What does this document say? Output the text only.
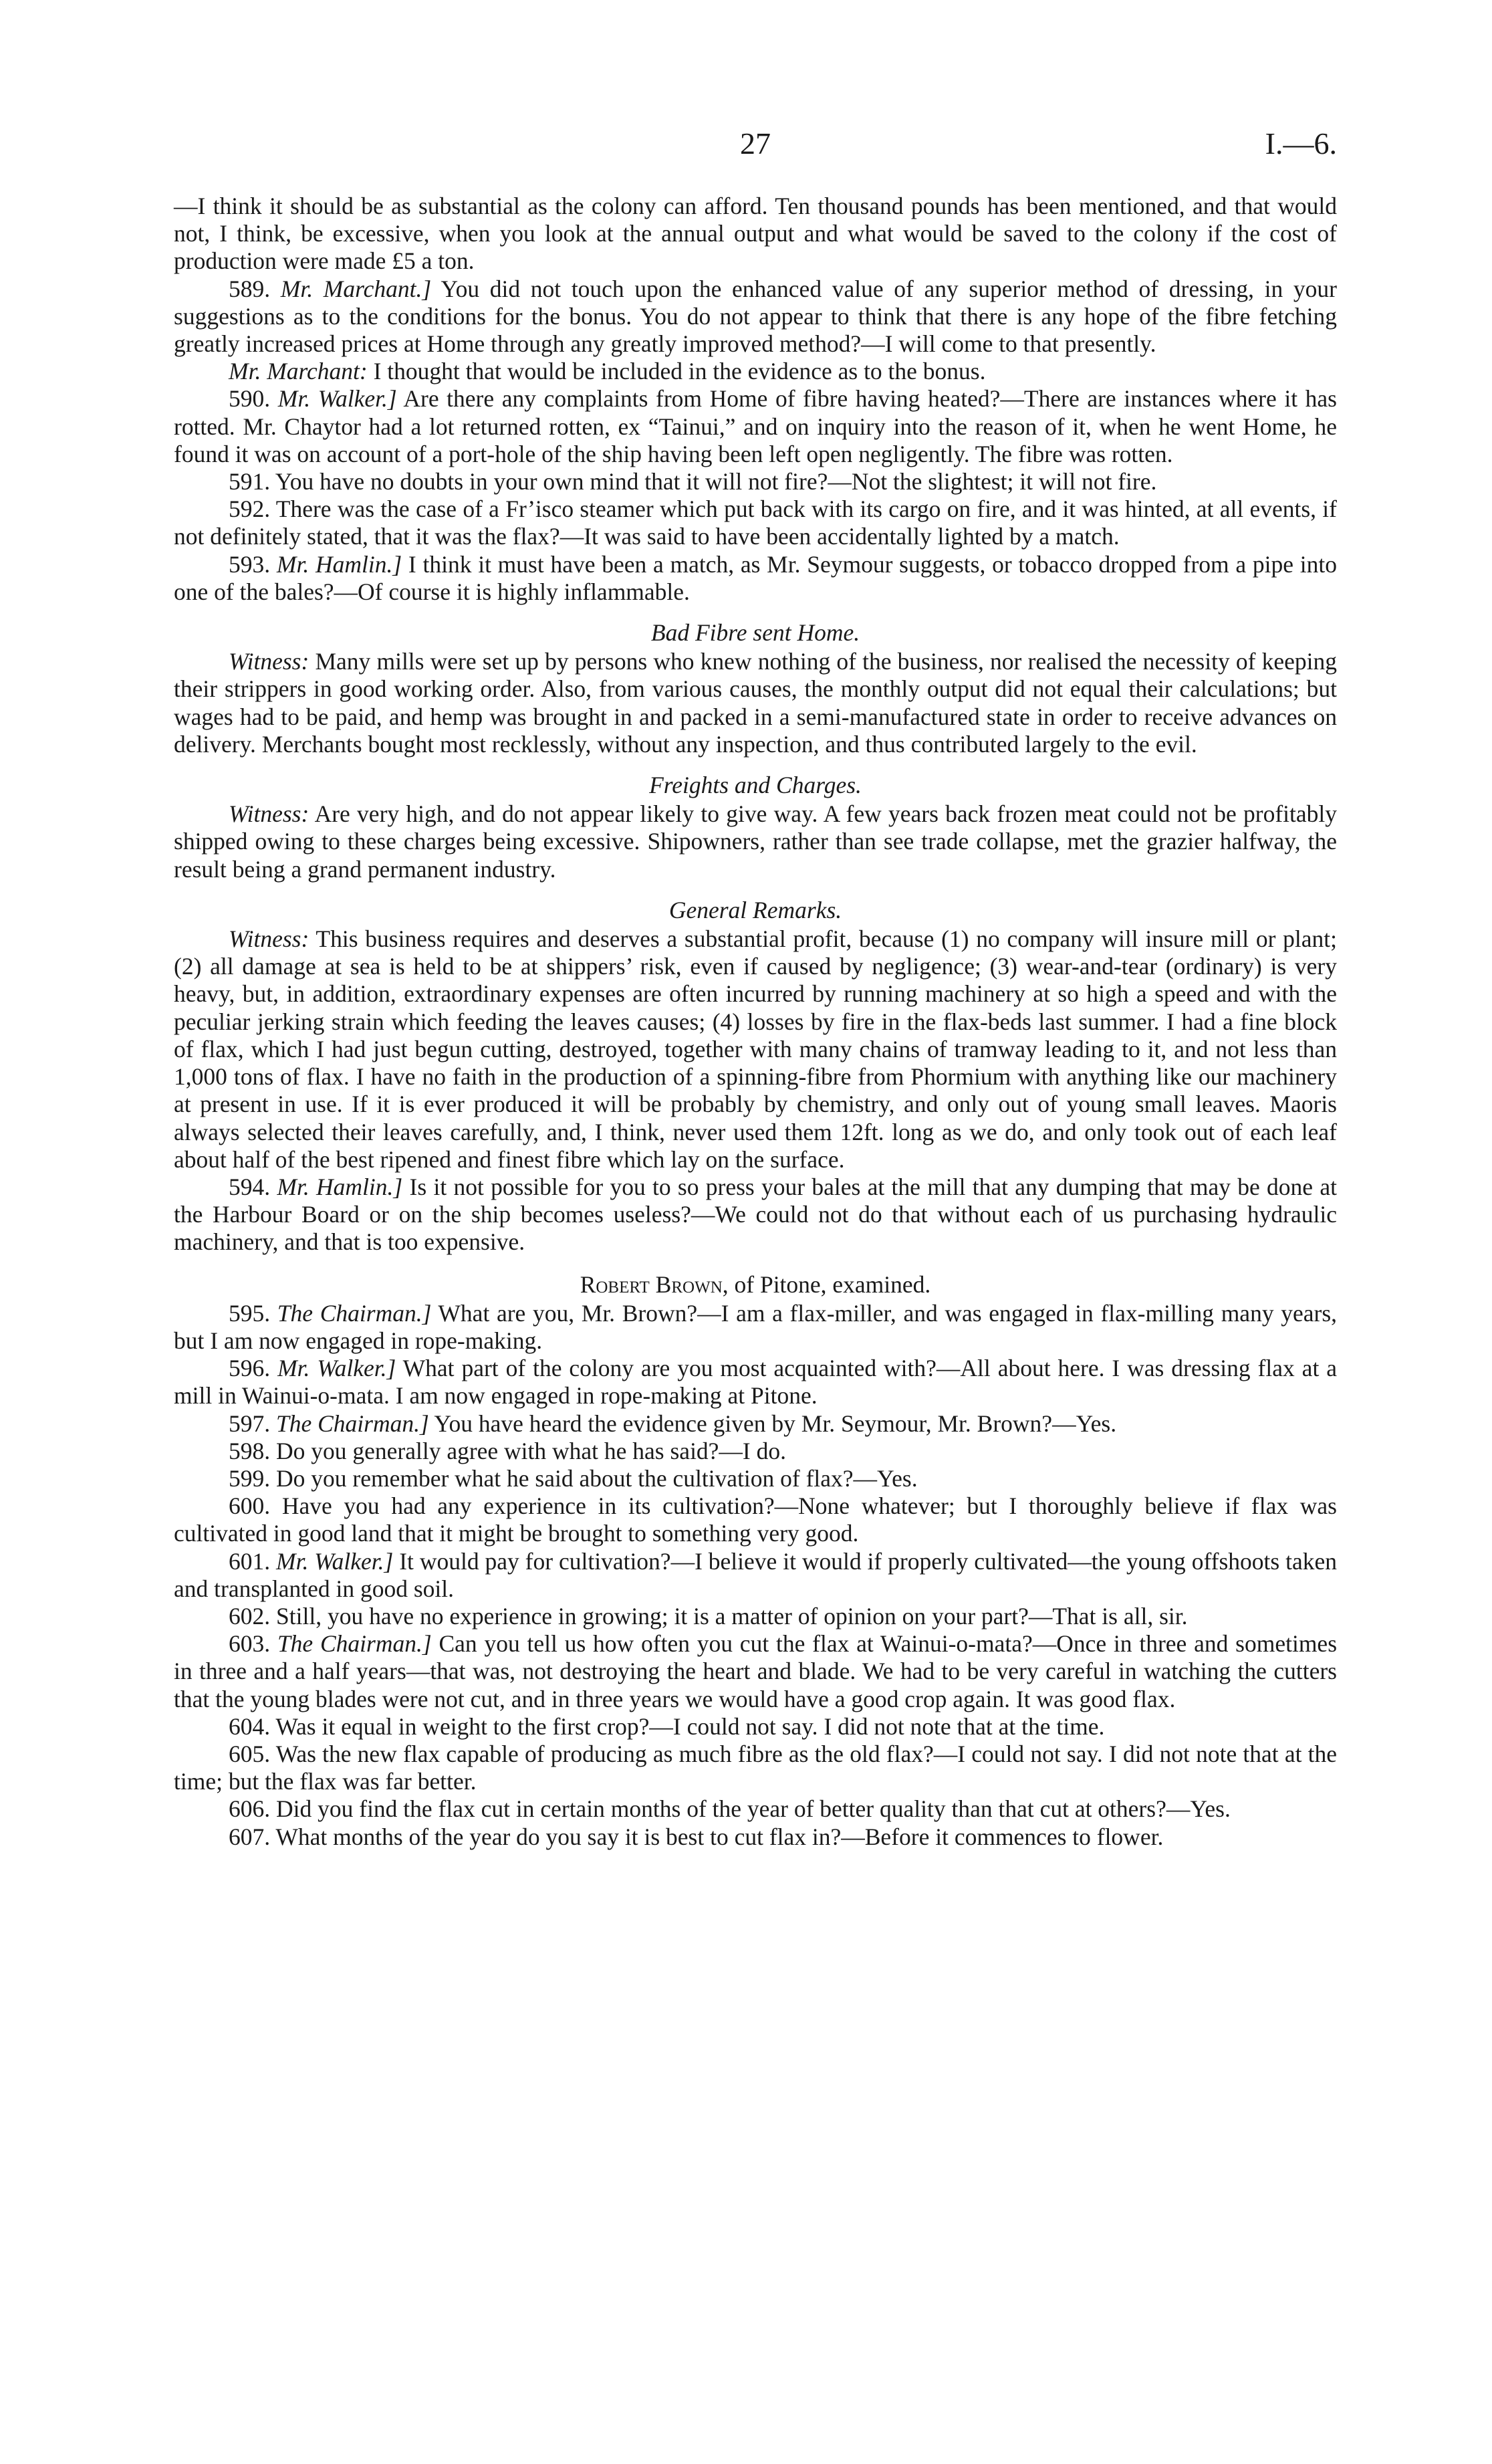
27	I.—6.

—I think it should be as substantial as the colony can afford. Ten thousand pounds has been mentioned, and that would not, I think, be excessive, when you look at the annual output and what would be saved to the colony if the cost of production were made £5 a ton.

589. Mr. Marchant.] You did not touch upon the enhanced value of any superior method of dressing, in your suggestions as to the conditions for the bonus. You do not appear to think that there is any hope of the fibre fetching greatly increased prices at Home through any greatly improved method?—I will come to that presently.

Mr. Marchant: I thought that would be included in the evidence as to the bonus.

590. Mr. Walker.] Are there any complaints from Home of fibre having heated?—There are instances where it has rotted. Mr. Chaytor had a lot returned rotten, ex “Tainui,” and on inquiry into the reason of it, when he went Home, he found it was on account of a port-hole of the ship having been left open negligently. The fibre was rotten.

591. You have no doubts in your own mind that it will not fire?—Not the slightest; it will not fire.

592. There was the case of a Fr’isco steamer which put back with its cargo on fire, and it was hinted, at all events, if not definitely stated, that it was the flax?—It was said to have been accidentally lighted by a match.

593. Mr. Hamlin.] I think it must have been a match, as Mr. Seymour suggests, or tobacco dropped from a pipe into one of the bales?—Of course it is highly inflammable.

Bad Fibre sent Home.

Witness: Many mills were set up by persons who knew nothing of the business, nor realised the necessity of keeping their strippers in good working order. Also, from various causes, the monthly output did not equal their calculations; but wages had to be paid, and hemp was brought in and packed in a semi-manufactured state in order to receive advances on delivery. Merchants bought most recklessly, without any inspection, and thus contributed largely to the evil.

Freights and Charges.

Witness: Are very high, and do not appear likely to give way. A few years back frozen meat could not be profitably shipped owing to these charges being excessive. Shipowners, rather than see trade collapse, met the grazier halfway, the result being a grand permanent industry.

General Remarks.

Witness: This business requires and deserves a substantial profit, because (1) no company will insure mill or plant; (2) all damage at sea is held to be at shippers’ risk, even if caused by negligence; (3) wear-and-tear (ordinary) is very heavy, but, in addition, extraordinary expenses are often incurred by running machinery at so high a speed and with the peculiar jerking strain which feeding the leaves causes; (4) losses by fire in the flax-beds last summer. I had a fine block of flax, which I had just begun cutting, destroyed, together with many chains of tramway leading to it, and not less than 1,000 tons of flax. I have no faith in the production of a spinning-fibre from Phormium with anything like our machinery at present in use. If it is ever produced it will be probably by chemistry, and only out of young small leaves. Maoris always selected their leaves carefully, and, I think, never used them 12ft. long as we do, and only took out of each leaf about half of the best ripened and finest fibre which lay on the surface.

594. Mr. Hamlin.] Is it not possible for you to so press your bales at the mill that any dumping that may be done at the Harbour Board or on the ship becomes useless?—We could not do that without each of us purchasing hydraulic machinery, and that is too expensive.

Robert Brown, of Pitone, examined.

595. The Chairman.] What are you, Mr. Brown?—I am a flax-miller, and was engaged in flax-milling many years, but I am now engaged in rope-making.

596. Mr. Walker.] What part of the colony are you most acquainted with?—All about here. I was dressing flax at a mill in Wainui-o-mata. I am now engaged in rope-making at Pitone.

597. The Chairman.] You have heard the evidence given by Mr. Seymour, Mr. Brown?—Yes.

598. Do you generally agree with what he has said?—I do.

599. Do you remember what he said about the cultivation of flax?—Yes.

600. Have you had any experience in its cultivation?—None whatever; but I thoroughly believe if flax was cultivated in good land that it might be brought to something very good.

601. Mr. Walker.] It would pay for cultivation?—I believe it would if properly cultivated—the young offshoots taken and transplanted in good soil.

602. Still, you have no experience in growing; it is a matter of opinion on your part?—That is all, sir.

603. The Chairman.] Can you tell us how often you cut the flax at Wainui-o-mata?—Once in three and sometimes in three and a half years—that was, not destroying the heart and blade. We had to be very careful in watching the cutters that the young blades were not cut, and in three years we would have a good crop again. It was good flax.

604. Was it equal in weight to the first crop?—I could not say. I did not note that at the time.

605. Was the new flax capable of producing as much fibre as the old flax?—I could not say. I did not note that at the time; but the flax was far better.

606. Did you find the flax cut in certain months of the year of better quality than that cut at others?—Yes.

607. What months of the year do you say it is best to cut flax in?—Before it commences to flower.
